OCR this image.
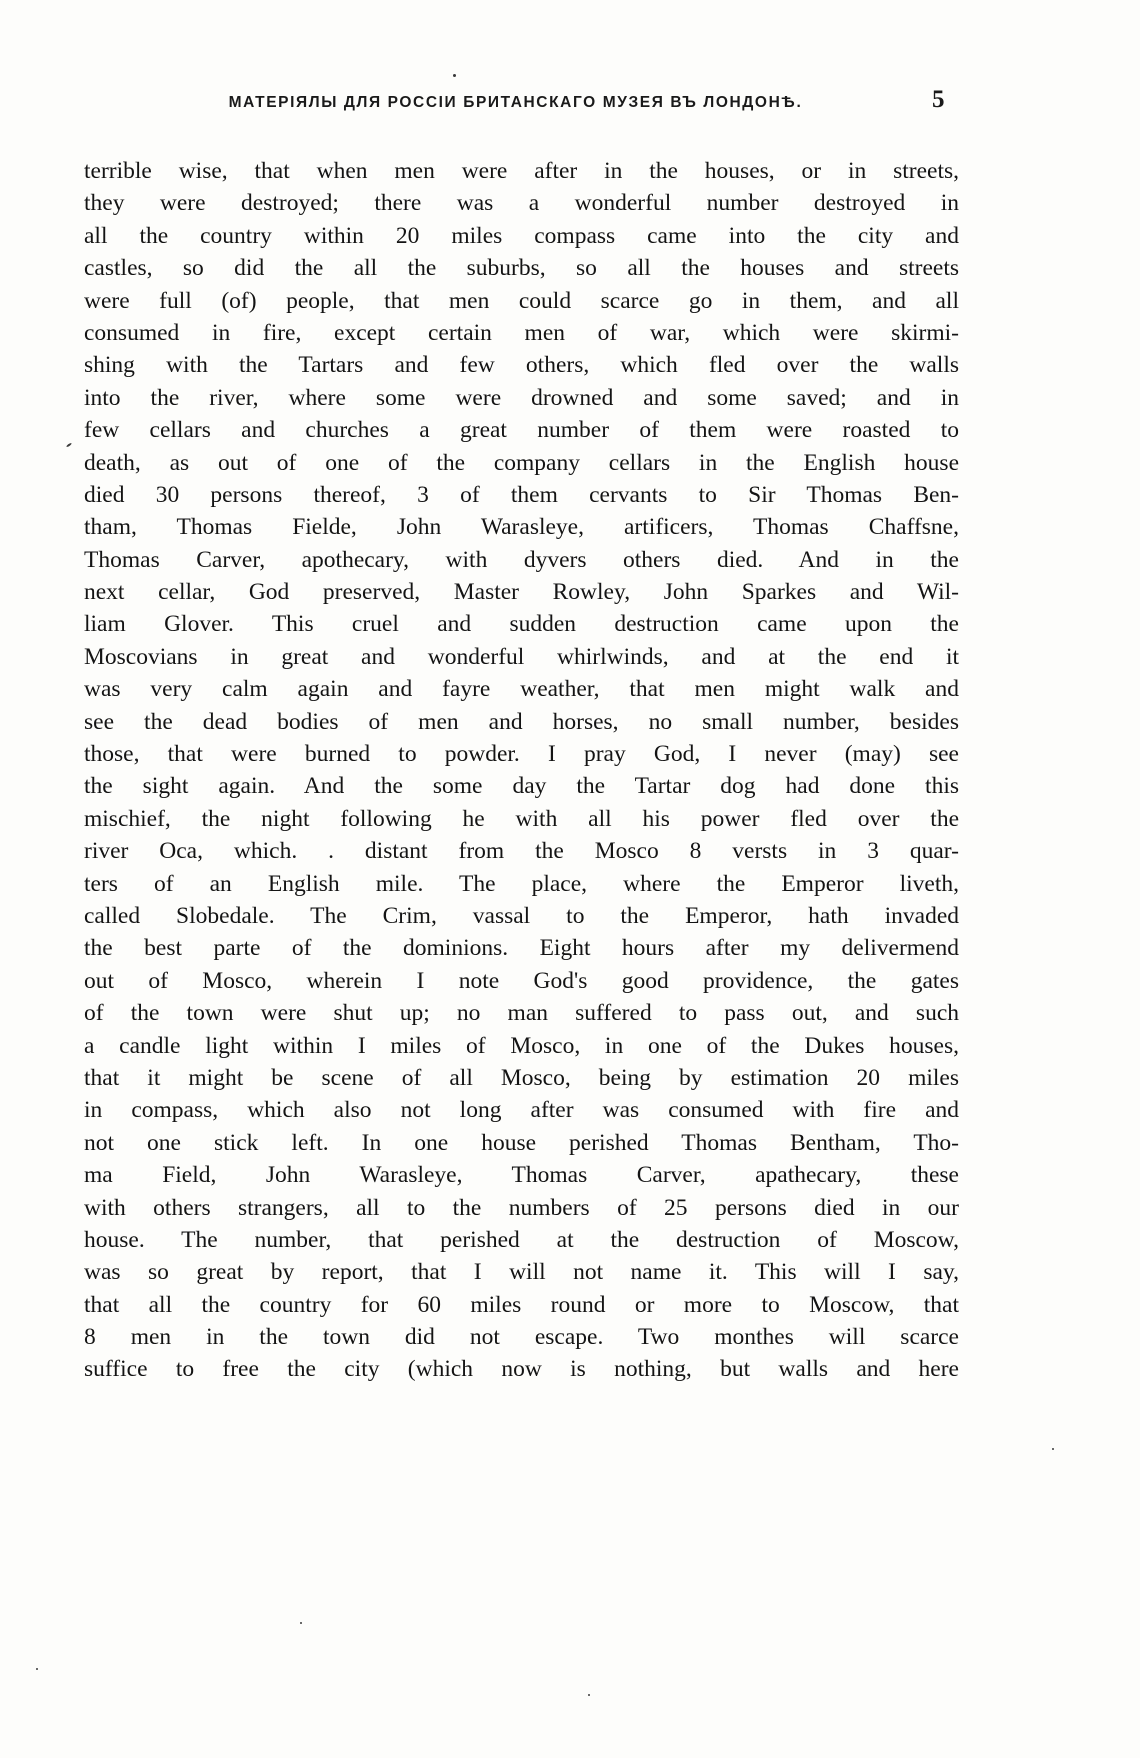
МАТЕРІЯЛЫ ДЛЯ РОССІИ БРИТАНСКАГО МУЗЕЯ ВЪ ЛОНДОНѢ.	5
terrible wise, that when men were after in the houses, or in streets,
they were destroyed; there was a wonderful number destroyed in
all the country within 20 miles compass came into the city and
castles, so did the all the suburbs, so all the houses and streets
were full (of) people, that men could scarce go in them, and all
consumed in fire, except certain men of war, which were skirmi-
shing with the Tartars and few others, which fled over the walls
into the river, where some were drowned and some saved; and in
few cellars and churches a great number of them were roasted to
death, as out of one of the company cellars in the English house
died 30 persons thereof, 3 of them cervants to Sir Thomas Ben-
tham, Thomas Fielde, John Warasleye, artificers, Thomas Chaffsne,
Thomas Carver, apothecary, with dyvers others died. And in the
next cellar, God preserved, Master Rowley, John Sparkes and Wil-
liam Glover. This cruel and sudden destruction came upon the
Moscovians in great and wonderful whirlwinds, and at the end it
was very calm again and fayre weather, that men might walk and
see the dead bodies of men and horses, no small number, besides
those, that were burned to powder. I pray God, I never (may) see
the sight again. And the some day the Tartar dog had done this
mischief, the night following he with all his power fled over the
river Oca, which. . distant from the Mosco 8 versts in 3 quar-
ters of an English mile. The place, where the Emperor liveth,
called Slobedale. The Crim, vassal to the Emperor, hath invaded
the best parte of the dominions. Eight hours after my delivermend
out of Mosco, wherein I note God's good providence, the gates
of the town were shut up; no man suffered to pass out, and such
a candle light within I miles of Mosco, in one of the Dukes houses,
that it might be scene of all Mosco, being by estimation 20 miles
in compass, which also not long after was consumed with fire and
not one stick left. In one house perished Thomas Bentham, Tho-
ma Field, John Warasleye, Thomas Carver, apathecary, these
with others strangers, all to the numbers of 25 persons died in our
house. The number, that perished at the destruction of Moscow,
was so great by report, that I will not name it. This will I say,
that all the country for 60 miles round or more to Moscow, that
8 men in the town did not escape. Two monthes will scarce
suffice to free the city (which now is nothing, but walls and here
